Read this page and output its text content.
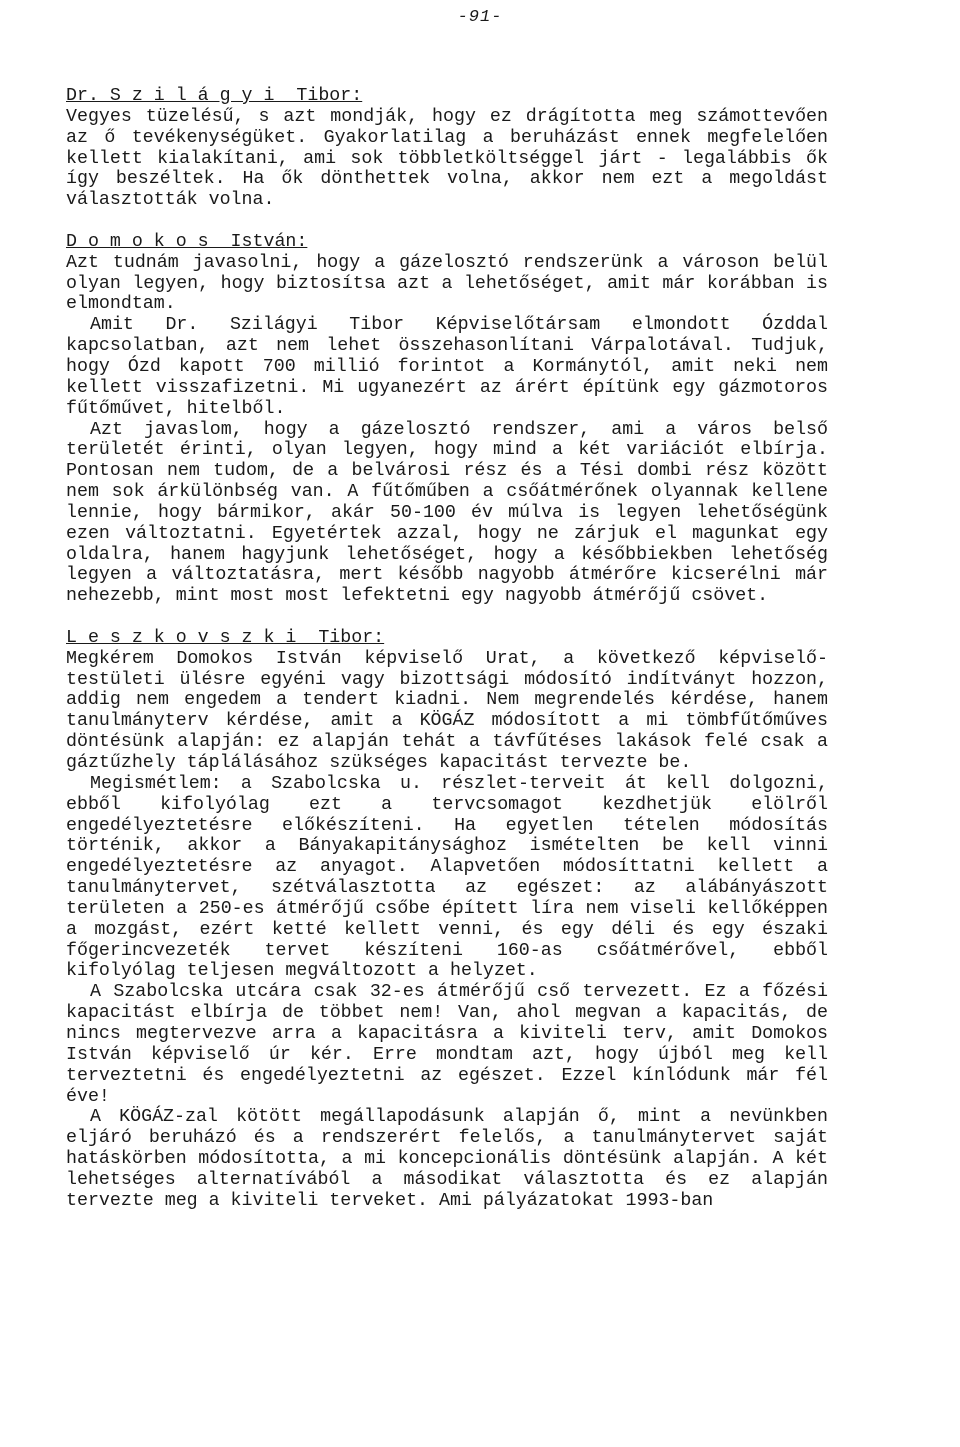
-91-

Dr. S z i l á g y i  Tibor:

Vegyes tüzelésű, s azt mondják, hogy ez drágította meg számottevően az ő tevékenységüket. Gyakorlatilag a beruházást ennek megfelelően kellett kialakítani, ami sok többletköltséggel járt - legalábbis ők így beszéltek. Ha ők dönthettek volna, akkor nem ezt a megoldást választották volna.

D o m o k o s  István:

Azt tudnám javasolni, hogy a gázelosztó rendszerünk a városon belül olyan legyen, hogy biztosítsa azt a lehetőséget, amit már korábban is elmondtam.

Amit Dr. Szilágyi Tibor Képviselőtársam elmondott Ózddal kapcsolatban, azt nem lehet összehasonlítani Várpalotával. Tudjuk, hogy Ózd kapott 700 millió forintot a Kormánytól, amit neki nem kellett visszafizetni. Mi ugyanezért az árért építünk egy gázmotoros fűtőművet, hitelből.

Azt javaslom, hogy a gázelosztó rendszer, ami a város belső területét érinti, olyan legyen, hogy mind a két variációt elbírja. Pontosan nem tudom, de a belvárosi rész és a Tési dombi rész között nem sok árkülönbség van. A fűtőműben a csőátmérőnek olyannak kellene lennie, hogy bármikor, akár 50-100 év múlva is legyen lehetőségünk ezen változtatni. Egyetértek azzal, hogy ne zárjuk el magunkat egy oldalra, hanem hagyjunk lehetőséget, hogy a későbbiekben lehetőség legyen a változtatásra, mert később nagyobb átmérőre kicserélni már nehezebb, mint most most lefektetni egy nagyobb átmérőjű csövet.

L e s z k o v s z k i  Tibor:

Megkérem Domokos István képviselő Urat, a következő képviselő-testületi ülésre egyéni vagy bizottsági módosító indítványt hozzon, addig nem engedem a tendert kiadni. Nem megrendelés kérdése, hanem tanulmányterv kérdése, amit a KÖGÁZ módosított a mi tömbfűtőműves döntésünk alapján: ez alapján tehát a távfűtéses lakások felé csak a gáztűzhely táplálásához szükséges kapacitást tervezte be.

Megismétlem: a Szabolcska u. részlet-terveit át kell dolgozni, ebből kifolyólag ezt a tervcsomagot kezdhetjük elölről engedélyeztetésre előkészíteni. Ha egyetlen tételen módosítás történik, akkor a Bányakapitánysághoz ismételten be kell vinni engedélyeztetésre az anyagot. Alapvetően módosíttatni kellett a tanulmánytervet, szétválasztotta az egészet: az alábányászott területen a 250-es átmérőjű csőbe épített líra nem viseli kellőképpen a mozgást, ezért ketté kellett venni, és egy déli és egy északi főgerincvezeték tervet készíteni 160-as csőátmérővel, ebből kifolyólag teljesen megváltozott a helyzet.

A Szabolcska utcára csak 32-es átmérőjű cső tervezett. Ez a főzési kapacitást elbírja de többet nem! Van, ahol megvan a kapacitás, de nincs megtervezve arra a kapacitásra a kiviteli terv, amit Domokos István képviselő úr kér. Erre mondtam azt, hogy újból meg kell terveztetni és engedélyeztetni az egészet. Ezzel kínlódunk már fél éve!

A KÖGÁZ-zal kötött megállapodásunk alapján ő, mint a nevünkben eljáró beruházó és a rendszerért felelős, a tanulmánytervet saját hatáskörben módosította, a mi koncepcionális döntésünk alapján. A két lehetséges alternatívából a másodikat választotta és ez alapján tervezte meg a kiviteli terveket. Ami pályázatokat 1993-ban
